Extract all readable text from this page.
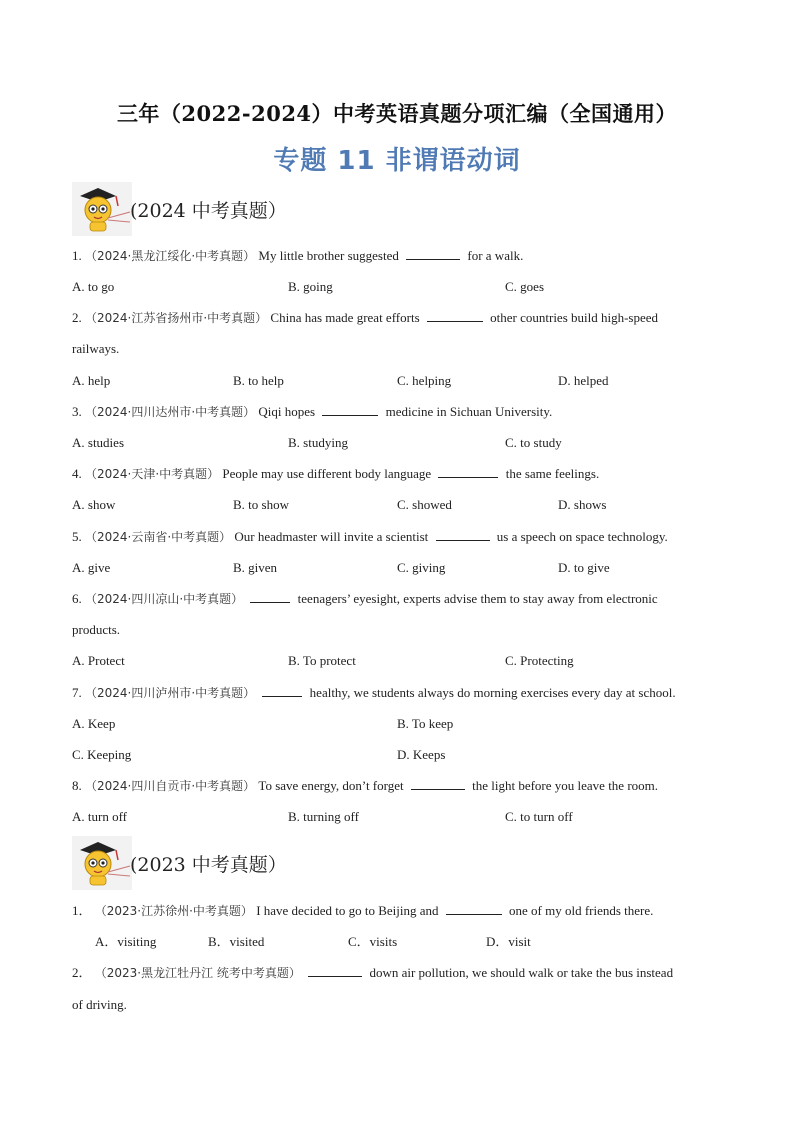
三年（2022-2024）中考英语真题分项汇编（全国通用）
专题 11 非谓语动词
(2024 中考真题）
1. （2024·黑龙江绥化·中考真题） My little brother suggested	for a walk.
A. to go	B. going	C. goes
2. （2024·江苏省扬州市·中考真题） China has made great efforts	other countries build high-speed
railways.
A. help	B. to help	C. helping	D. helped
3. （2024·四川达州市·中考真题） Qiqi hopes	medicine in Sichuan University.
A. studies	B. studying	C. to study
4. （2024·天津·中考真题） People may use different body language	the same feelings.
A. show	B. to show	C. showed	D. shows
5. （2024·云南省·中考真题） Our headmaster will invite a scientist	us a speech on space technology.
A. give	B. given	C. giving	D. to give
6. （2024·四川凉山·中考真题）	teenagers’ eyesight, experts advise them to stay away from electronic
products.
A. Protect	B. To protect	C. Protecting
7. （2024·四川泸州市·中考真题）	healthy, we students always do morning exercises every day at school.
A. Keep	B. To keep
C. Keeping	D. Keeps
8. （2024·四川自贡市·中考真题） To save energy, don’t forget	the light before you leave the room.
A. turn off	B. turning off	C. to turn off
(2023 中考真题）
1． （2023·江苏徐州·中考真题） I have decided to go to Beijing and	one of my old friends there.
A．visiting	B．visited	C．visits	D．visit
2． （2023·黑龙江牡丹江 统考中考真题）	down air pollution, we should walk or take the bus instead
of driving.
